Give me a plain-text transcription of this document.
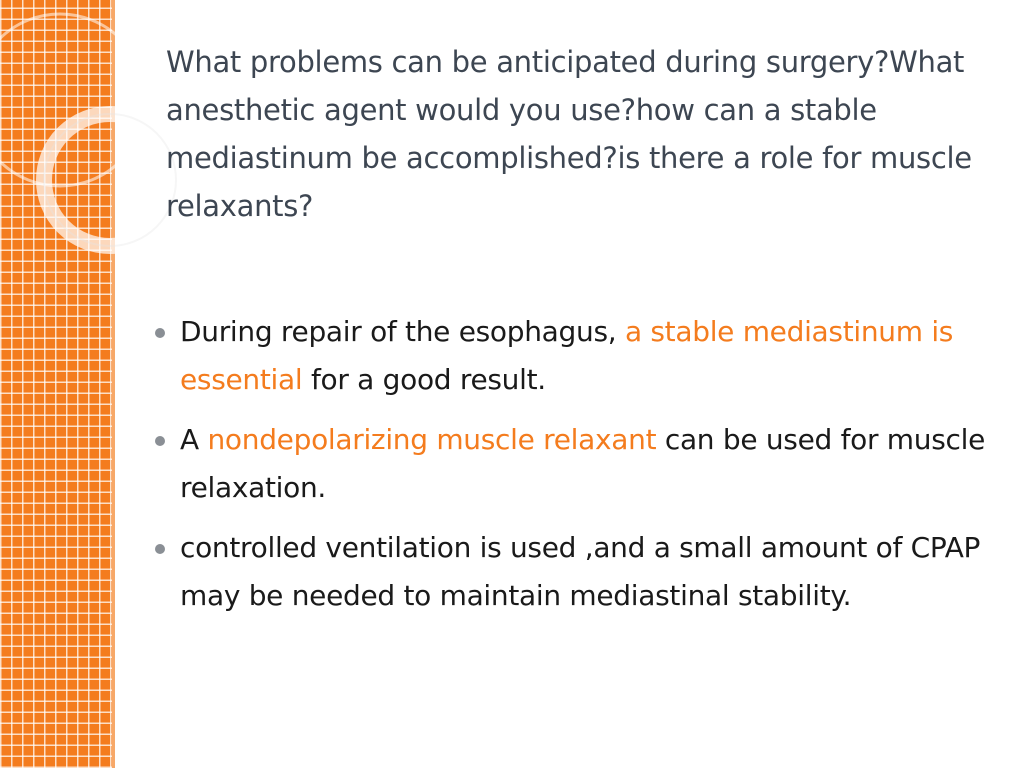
What problems can be anticipated during surgery?What anesthetic agent would you use?how can a stable mediastinum be accomplished?is there a role for muscle relaxants?
During repair of the esophagus, a stable mediastinum is essential for a good result.
A nondepolarizing muscle relaxant can be used for muscle relaxation.
controlled ventilation is used ,and a small amount of CPAP may be needed to maintain mediastinal stability.
